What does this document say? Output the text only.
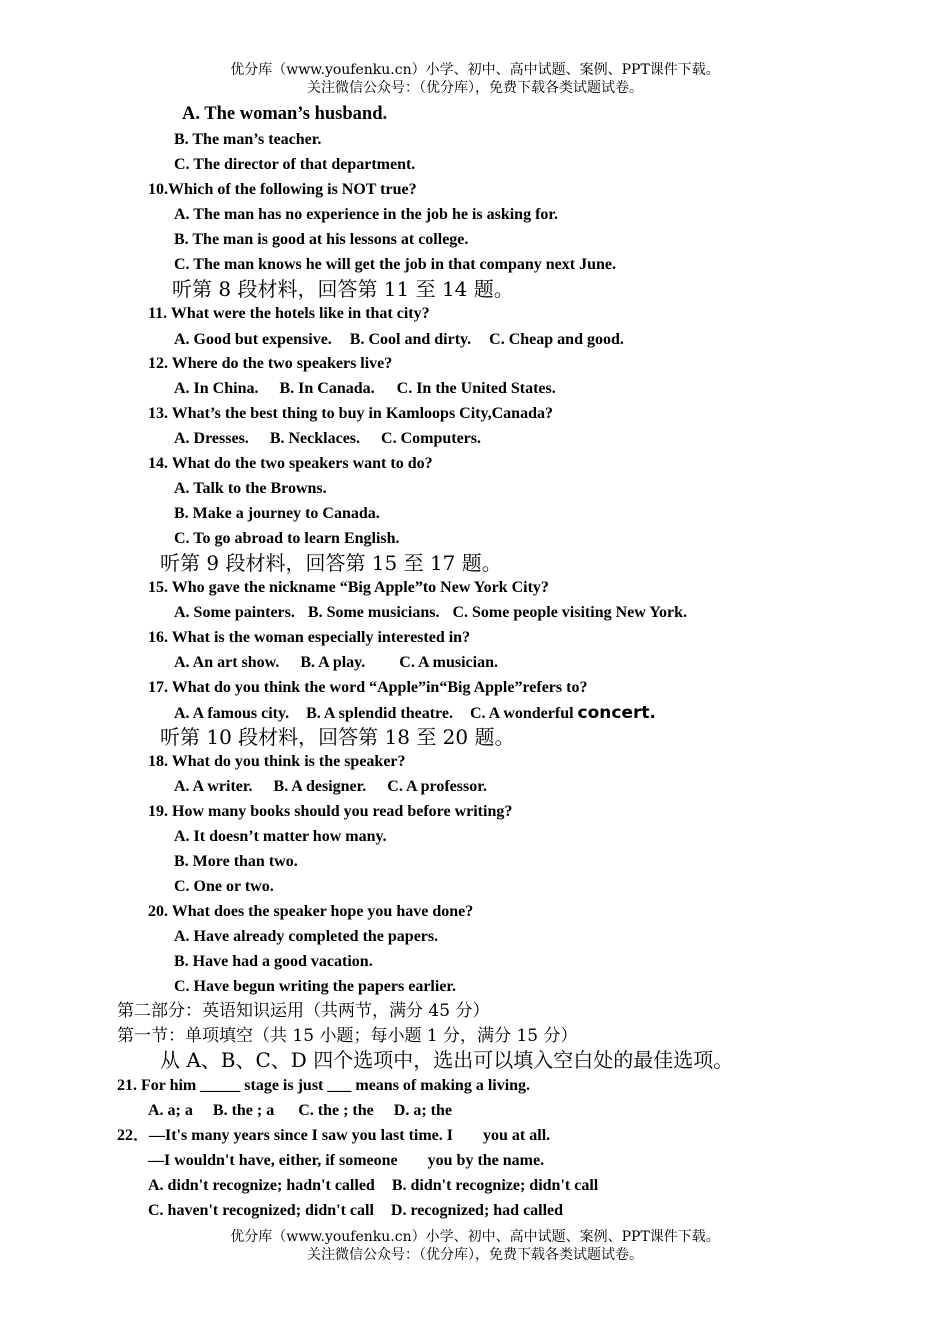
优分库（www.youfenku.cn）小学、初中、高中试题、案例、PPT课件下载。
关注微信公众号：（优分库），免费下载各类试题试卷。
A. The woman’s husband.
B. The man’s teacher.
C. The director of that department.
10.Which of the following is NOT true?
A. The man has no experience in the job he is asking for.
B. The man is good at his lessons at college.
C. The man knows he will get the job in that company next June.
听第 8 段材料，回答第 11 至 14 题。
11. What were the hotels like in that city?
A. Good but expensive. B. Cool and dirty. C. Cheap and good.
12. Where do the two speakers live?
A. In China. B. In Canada. C. In the United States.
13. What’s the best thing to buy in Kamloops City,Canada?
A. Dresses. B. Necklaces. C. Computers.
14. What do the two speakers want to do?
A. Talk to the Browns.
B. Make a journey to Canada.
C. To go abroad to learn English.
听第 9 段材料，回答第 15 至 17 题。
15. Who gave the nickname “Big Apple”to New York City?
A. Some painters. B. Some musicians. C. Some people visiting New York.
16. What is the woman especially interested in?
A. An art show. B. A play. C. A musician.
17. What do you think the word “Apple”in“Big Apple”refers to?
A. A famous city. B. A splendid theatre. C. A wonderful concert.
听第 10 段材料，回答第 18 至 20 题。
18. What do you think is the speaker?
A. A writer. B. A designer. C. A professor.
19. How many books should you read before writing?
A. It doesn’t matter how many.
B. More than two.
C. One or two.
20. What does the speaker hope you have done?
A. Have already completed the papers.
B. Have had a good vacation.
C. Have begun writing the papers earlier.
第二部分：英语知识运用（共两节，满分 45 分）
第一节：单项填空（共 15 小题；每小题 1 分，满分 15 分）
从 A、B、C、D 四个选项中，选出可以填入空白处的最佳选项。
21. For him _____ stage is just ___ means of making a living.
A. a; a B. the ; a C. the ; the D. a; the
22．—It's many years since I saw you last time. I you at all.
—I wouldn't have, either, if someone you by the name.
A. didn't recognize; hadn't called B. didn't recognize; didn't call
C. haven't recognized; didn't call D. recognized; had called
优分库（www.youfenku.cn）小学、初中、高中试题、案例、PPT课件下载。
关注微信公众号：（优分库），免费下载各类试题试卷。
